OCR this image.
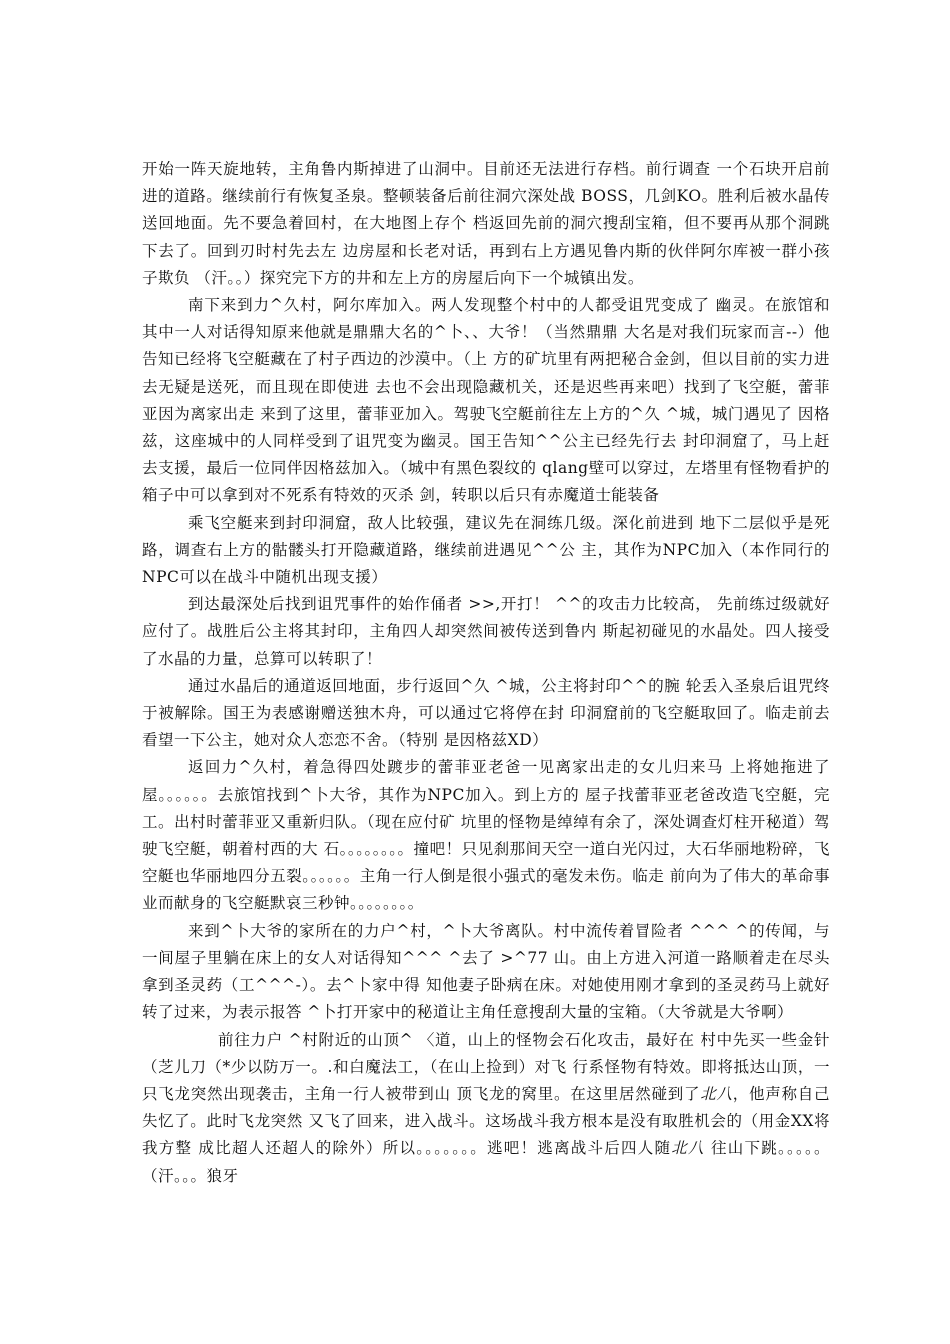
开始一阵天旋地转，主角鲁内斯掉进了山洞中。目前还无法进行存档。前行调查 一个石块开启前进的道路。继续前行有恢复圣泉。整顿装备后前往洞穴深处战 BOSS，几剑KO。胜利后被水晶传送回地面。先不要急着回村，在大地图上存个 档返回先前的洞穴搜刮宝箱，但不要再从那个洞跳下去了。回到刃时村先去左 边房屋和长老对话，再到右上方遇见鲁内斯的伙伴阿尔库被一群小孩子欺负 （汗。。）探究完下方的井和左上方的房屋后向下一个城镇出发。

南下来到力^久村，阿尔库加入。两人发现整个村中的人都受诅咒变成了 幽灵。在旅馆和其中一人对话得知原来他就是鼎鼎大名的^卜、、大爷！（当然鼎鼎 大名是对我们玩家而言--）他告知已经将飞空艇藏在了村子西边的沙漠中。（上 方的矿坑里有两把秘合金剑，但以目前的实力进去无疑是送死，而且现在即使进 去也不会出现隐藏机关，还是迟些再来吧）找到了飞空艇，蕾菲亚因为离家出走 来到了这里，蕾菲亚加入。驾驶飞空艇前往左上方的^久 ^城，城门遇见了 因格兹，这座城中的人同样受到了诅咒变为幽灵。国王告知^^公主已经先行去 封印洞窟了，马上赶去支援，最后一位同伴因格兹加入。（城中有黑色裂纹的 qlang壁可以穿过，左塔里有怪物看护的箱子中可以拿到对不死系有特效的灭杀 剑，转职以后只有赤魔道士能装备

乘飞空艇来到封印洞窟，敌人比较强，建议先在洞练几级。深化前进到 地下二层似乎是死路，调查右上方的骷髅头打开隐藏道路，继续前进遇见^^公 主，其作为NPC加入（本作同行的NPC可以在战斗中随机出现支援）

到达最深处后找到诅咒事件的始作俑者 >>,开打！ ^^的攻击力比较高， 先前练过级就好应付了。战胜后公主将其封印，主角四人却突然间被传送到鲁内 斯起初碰见的水晶处。四人接受了水晶的力量，总算可以转职了！

通过水晶后的通道返回地面，步行返回^久 ^城，公主将封印^^的腕 轮丢入圣泉后诅咒终于被解除。国王为表感谢赠送独木舟，可以通过它将停在封 印洞窟前的飞空艇取回了。临走前去看望一下公主，她对众人恋恋不舍。（特别 是因格兹XD）

返回力^久村，着急得四处踱步的蕾菲亚老爸一见离家出走的女儿归来马 上将她拖进了屋。。。。。。去旅馆找到^卜大爷，其作为NPC加入。到上方的 屋子找蕾菲亚老爸改造飞空艇，完工。出村时蕾菲亚又重新归队。（现在应付矿 坑里的怪物是绰绰有余了，深处调查灯柱开秘道）驾驶飞空艇，朝着村西的大 石。。。。。。。。撞吧！只见刹那间天空一道白光闪过，大石华丽地粉碎，飞 空艇也华丽地四分五裂。。。。。。主角一行人倒是很小强式的毫发未伤。临走 前向为了伟大的革命事业而献身的飞空艇默哀三秒钟。。。。。。。。

来到^卜大爷的家所在的力户^村，^卜大爷离队。村中流传着冒险者 ^^^ ^的传闻，与一间屋子里躺在床上的女人对话得知^^^ ^去了 >^77 山。由上方进入河道一路顺着走在尽头拿到圣灵药（工^^^-）。去^卜家中得 知他妻子卧病在床。对她使用刚才拿到的圣灵药马上就好转了过来，为表示报答 ^卜打开家中的秘道让主角任意搜刮大量的宝箱。（大爷就是大爷啊）

前往力户 ^村附近的山顶^ 〈道，山上的怪物会石化攻击，最好在 村中先买一些金针（芝儿刀（*少以防万一。.和白魔法工，（在山上捡到）对飞 行系怪物有特效。即将抵达山顶，一只飞龙突然出现袭击，主角一行人被带到山 顶飞龙的窝里。在这里居然碰到了北八，他声称自己失忆了。此时飞龙突然 又飞了回来，进入战斗。这场战斗我方根本是没有取胜机会的（用金XX将我方整 成比超人还超人的除外）所以。。。。。。。逃吧！逃离战斗后四人随北八 往山下跳。。。。。（汗。。。狼牙
